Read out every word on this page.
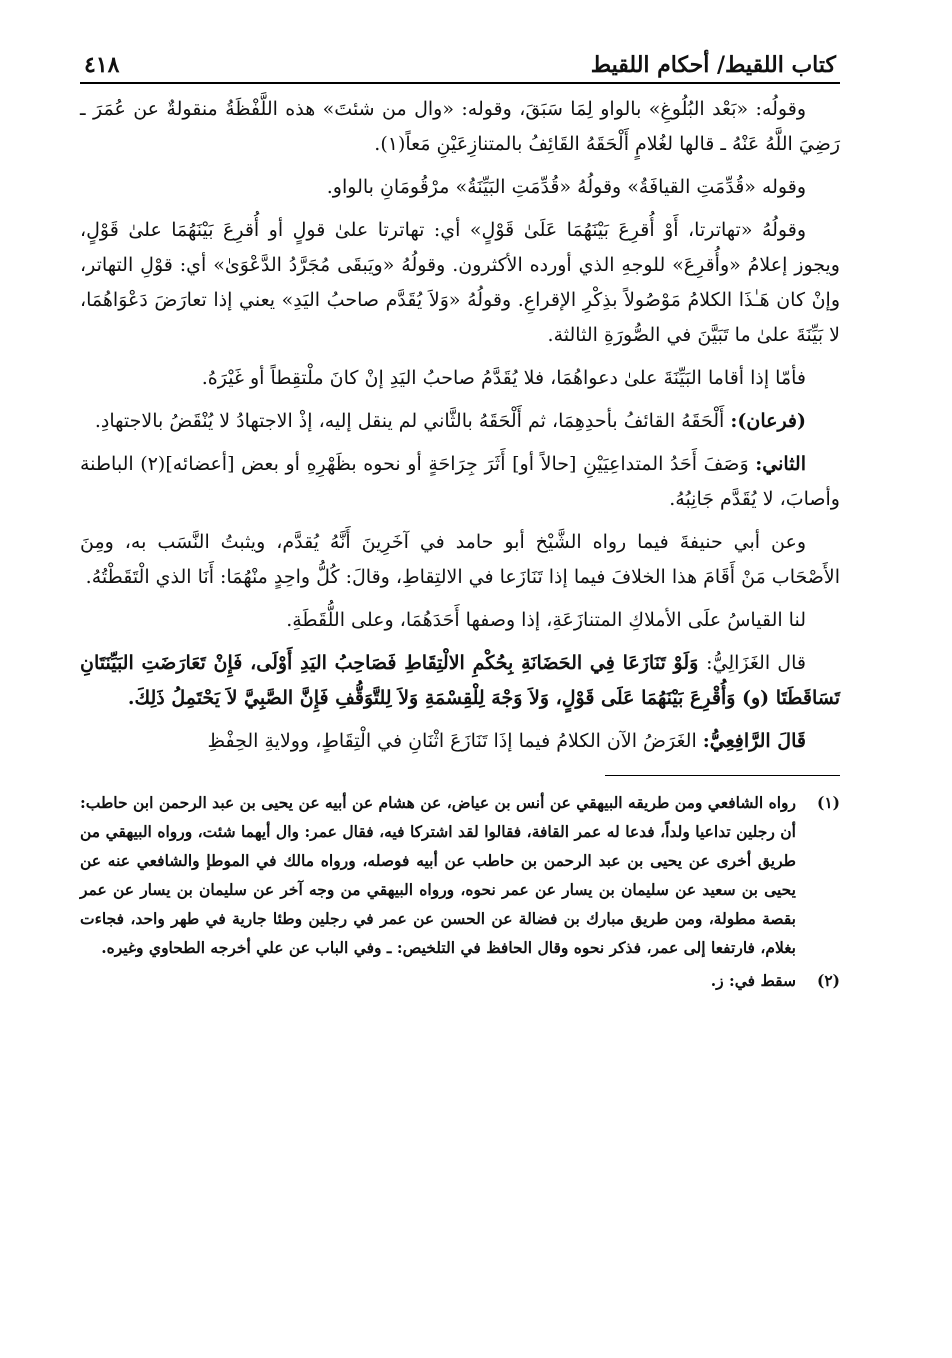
كتاب اللقيط/ أحكام اللقيط
٤١٨

وقولُه: «بَعْد البُلُوغِ» بالواو لِمَا سَبَقَ، وقوله: «وال من شئتَ» هذه اللَّفْظَةُ منقولةٌ عن عُمَرَ ـ رَضِيَ اللَّهُ عَنْهُ ـ قالها لغُلامٍ أَلْحَقَهُ القَائِفُ بالمتنازِعَيْنِ مَعاً(١).

وقوله «قُدِّمَتِ القيافَةُ» وقولُهُ «قُدِّمَتِ البَيِّنَةُ» مرْقُومَانِ بالواو.

وقولُهُ «تهاترتا، أَوْ أُقرِعَ بَيْنَهُمَا عَلَىٰ قَوْلٍ» أي: تهاترتا علىٰ قولٍ أو أُقرِعَ بَيْنَهُمَا علىٰ قَوْلٍ، ويجوز إعلامُ «وأُقرِعَ» للوجهِ الذي أورده الأكثرون. وقولُهُ «ويَبقَى مُجَرَّدُ الدَّعْوَىٰ» أي: قوْلِ التهاتر، وإنْ كان هَـٰذَا الكلامُ مَوْصُولاً بذِكْرِ الإقراعِ. وقولُهُ «وَلاَ يُقَدَّم صاحبُ اليَدِ» يعني إذا تعارَضَ دَعْوَاهُمَا، لا بَيِّنَةَ علىٰ ما تَبَيَّنَ في الصُّورَةِ الثالثة.

فأمّا إذا أقاما البَيِّنَةَ علىٰ دعواهُمَا، فلا يُقَدَّمُ صاحبُ اليَدِ إنْ كانَ ملْتقِطاً أو غَيْرَهُ.

(فرعان): أَلْحَقَهُ القائفُ بأحدِهِمَا، ثم أَلْحَقَهُ بالثَّاني لم ينقل إليه، إذْ الاجتهادُ لا يُنْقَضُ بالاجتهادِ.

الثاني: وَصَفَ أَحَدُ المتداعِيَيْنِ [حالاً أو] أَثَرَ جِرَاحَةٍ أو نحوه بظَهْرِهِ أو بعض [أعضائه](٢) الباطنة وأصابَ، لا يُقَدَّم جَانِبُهُ.

وعن أبي حنيفةَ فيما رواه الشَّيْخ أبو حامد في آخَرِينَ أَنَّهُ يُقدَّم، ويثبتُ النَّسَب به، ومِنَ الأَصْحَاب مَنْ أَقَامَ هذا الخلافَ فيما إذا تَنَازَعا في الالتِقاطِ، وقالَ: كُلُّ واحِدٍ منْهُمَا: أَنَا الذي الْتَقَطْتُهُ.

لنا القياسُ علَى الأملاكِ المتنازَعَةِ، إذا وصفها أَحَدَهُمَا، وعلى اللُّقَطَةِ.

قال الغَزَالِيُّ: وَلَوْ تَنَازَعَا فِي الحَضَانَةِ بِحُكْمِ الالْتِقَاطِ فَصَاحِبُ اليَدِ أَوْلَى، فَإِنْ تَعَارَضَتِ البَيِّنَتَانِ تَسَاقَطَتَا (و) وَأُقْرِعَ بَيْنَهُمَا عَلَى قَوْلٍ، وَلاَ وَجْهَ لِلْقِسْمَةِ وَلاَ لِلتَّوَقُّفِ فَإِنَّ الصَّبِيَّ لاَ يَحْتَمِلُ ذَلِكَ.

قَالَ الرَّافِعِيُّ: الغَرَضُ الآن الكلامُ فيما إذَا تَنَازَعَ اثْنَانِ في الْتِقَاطٍ، وولايةِ الحِفْظِ

(١)
رواه الشافعي ومن طريقه البيهقي عن أنس بن عياض، عن هشام عن أبيه عن يحيى بن عبد الرحمن ابن حاطب: أن رجلين تداعيا ولداً، فدعا له عمر القافة، فقالوا لقد اشتركا فيه، فقال عمر: وال أيهما شئت، ورواه البيهقي من طريق أخرى عن يحيى بن عبد الرحمن بن حاطب عن أبيه فوصله، ورواه مالك في الموطإ والشافعي عنه عن يحيى بن سعيد عن سليمان بن يسار عن عمر نحوه، ورواه البيهقي من وجه آخر عن سليمان بن يسار عن عمر بقصة مطولة، ومن طريق مبارك بن فضالة عن الحسن عن عمر في رجلين وطئا جارية في طهر واحد، فجاءت بغلام، فارتفعا إلى عمر، فذكر نحوه وقال الحافظ في التلخيص: ـ وفي الباب عن علي أخرجه الطحاوي وغيره.
(٢)
سقط في: ز.
